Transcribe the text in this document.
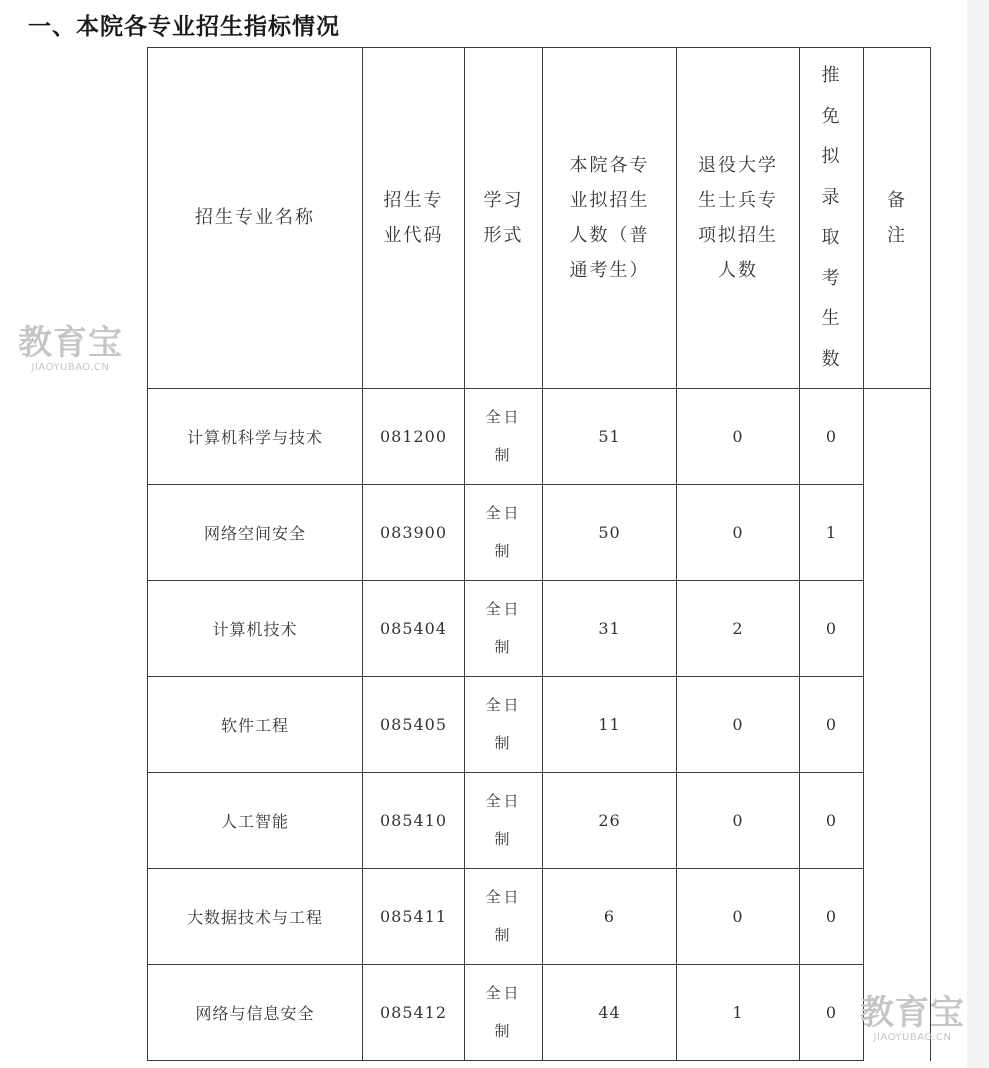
一、本院各专业招生指标情况
招生专业名称	招生专业代码	学习形式	本院各专业拟招生人数（普通考生）	退役大学生士兵专项拟招生人数	推免拟录取考生数	备注
计算机科学与技术	081200	全日制	51	0	0	
网络空间安全	083900	全日制	50	0	1	
计算机技术	085404	全日制	31	2	0	
软件工程	085405	全日制	11	0	0	
人工智能	085410	全日制	26	0	0	
大数据技术与工程	085411	全日制	6	0	0	
网络与信息安全	085412	全日制	44	1	0	
教育宝
JIAOYUBAO.CN
教育宝
JIAOYUBAO.CN
